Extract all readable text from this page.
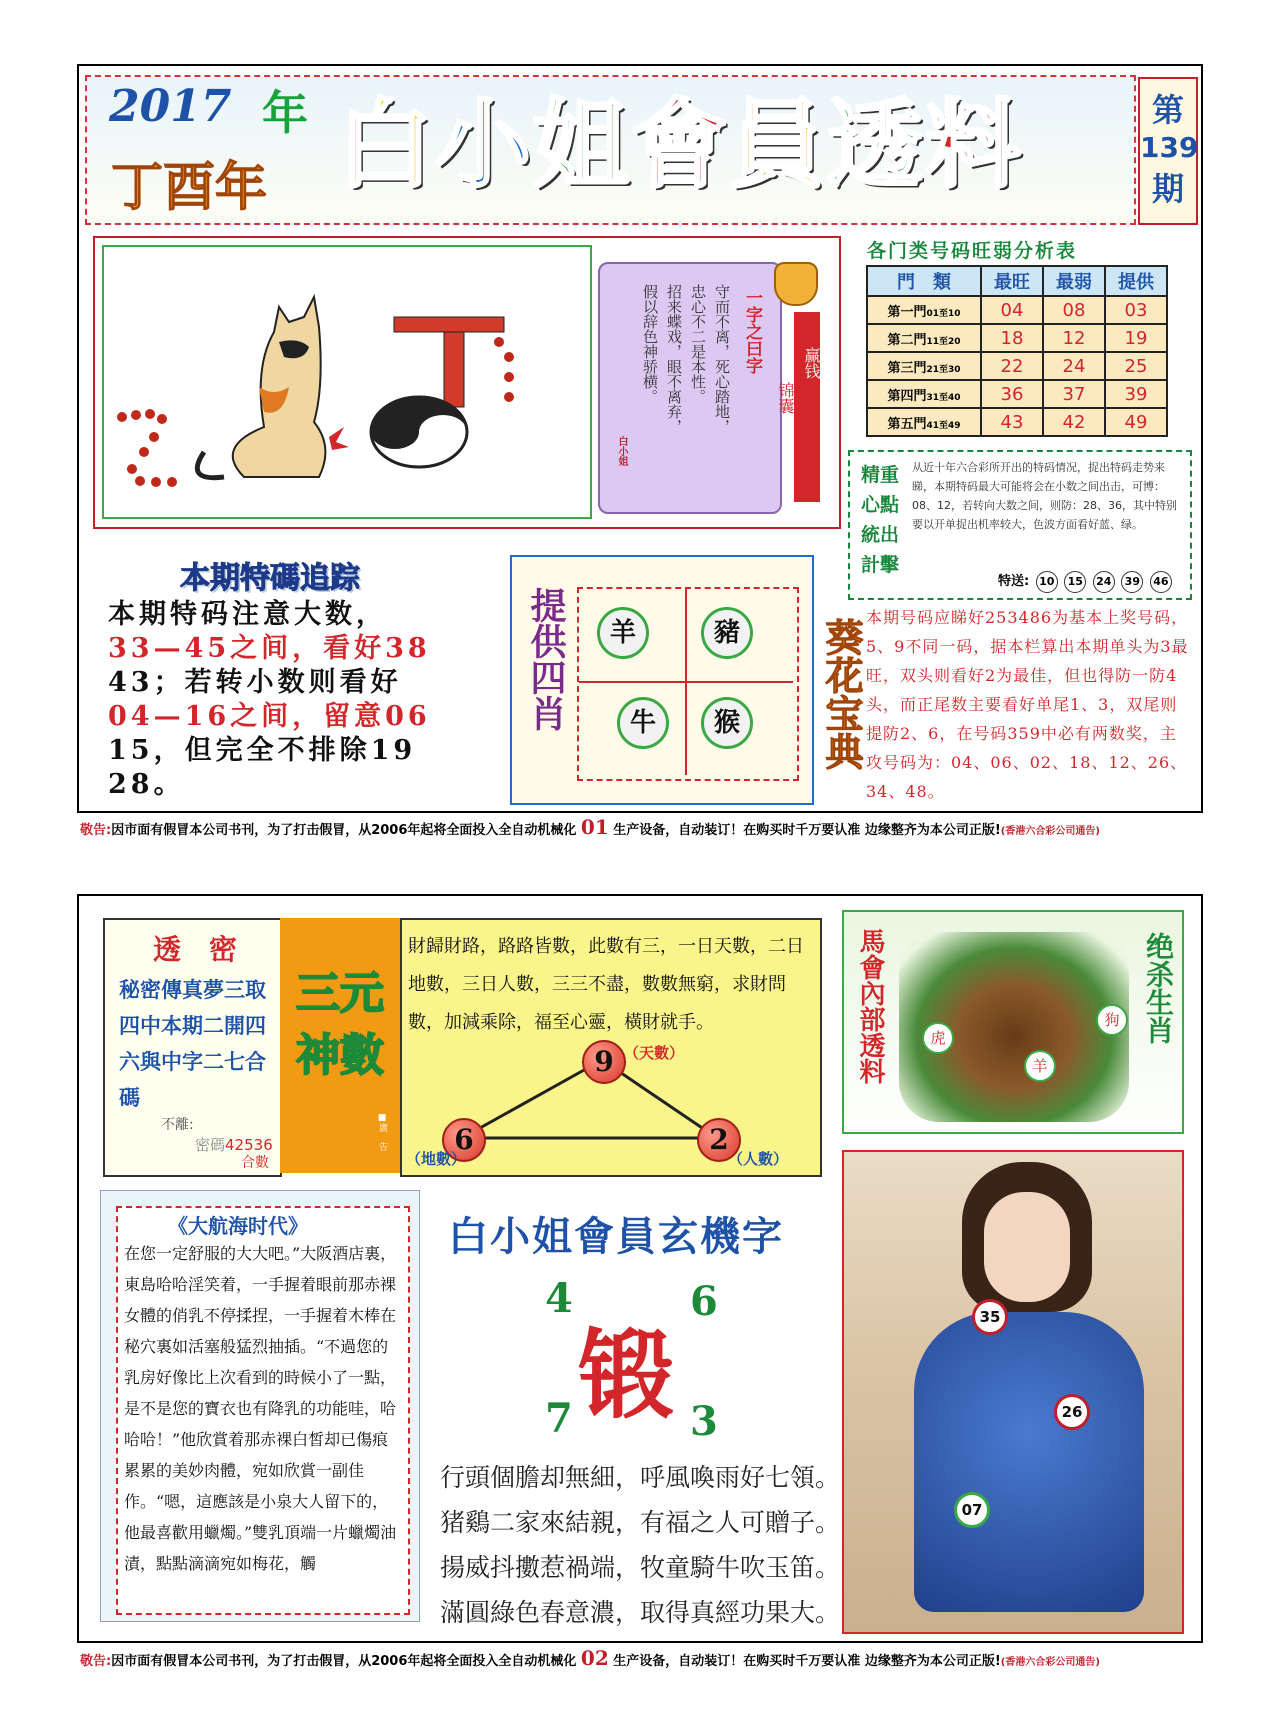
2017 年
丁酉年 白 小 姐 會 員 透 料	第
139
期
一字之曰字
守而不离，死心踏地，
忠心不二是本性。
招来蝶戏，眼不离弃，
假以辞色神骄横。
白小姐
赢钱
锦囊
各门类号码旺弱分析表
門　類	最旺	最弱	提供
第一門01至10	04	08	03
第二門11至20	18	12	19
第三門21至30	22	24	25
第四門31至40	36	37	39
第五門41至49	43	42	49
精重
心點
統出
計擊
从近十年六合彩所开出的特码情况，捉出特码走势来睇，本期特码最大可能将会在小数之间出击，可博：08、12，若转向大数之间，则防：28、36，其中特别要以开单捉出机率较大，色波方面看好蓝、绿。
特送: 10 15 24 39 46
本期特碼追踪
本期特码注意大数，
33—45之间，看好38
43；若转小数则看好
04—16之间，留意06
15，但完全不排除19
28。
提供四肖	羊	豬
牛	猴	葵花宝典
本期号码应睇好253486为基本上奖号码，5、9不同一码，据本栏算出本期单头为3最旺，双头则看好2为最佳，但也得防一防4头，而正尾数主要看好单尾1、3，双尾则提防2、6，在号码359中必有两数奖，主攻号码为：04、06、02、18、12、26、34、48。
敬告:因市面有假冒本公司书刊，为了打击假冒，从2006年起将全面投入全自动机械化 01 生产设备，自动装订！在购买时千万要认准 边缘整齐为本公司正版!(香港六合彩公司通告)
透　密
秘密傳真夢三取四中本期二開四六與中字二七合碼
不離:
密碼42536
合數
三元神數
■廣 告
財歸財路，路路皆數，此數有三，一日天數，二日地數，三日人數，三三不盡，數數無窮，求財問數，加減乘除，福至心靈，橫財就手。
9 （天數）
6
（地數）
2
（人數）
馬會內部透料	虎
狗
羊
绝杀生肖
《大航海时代》
在您一定舒服的大大吧。”大阪酒店裏，東島哈哈淫笑着，一手握着眼前那赤裸女體的俏乳不停揉捏，一手握着木棒在秘穴裏如活塞般猛烈抽插。“不過您的乳房好像比上次看到的時候小了一點，是不是您的寶衣也有降乳的功能哇，哈哈哈！”他欣賞着那赤裸白皙却已傷痕累累的美妙肉體，宛如欣賞一副佳作。“嗯，這應該是小泉大人留下的，他最喜歡用蠟燭。”雙乳頂端一片蠟燭油漬，點點滴滴宛如梅花，觸
白小姐會員玄機字
4	6
锻
7	3
行頭個膽却無細，呼風喚雨好七領。
猪鷄二家來結親，有福之人可贈子。
揚威抖擻惹禍端，牧童騎牛吹玉笛。
滿圓綠色春意濃，取得真經功果大。
35
26
07
敬告:因市面有假冒本公司书刊，为了打击假冒，从2006年起将全面投入全自动机械化 02 生产设备，自动装订！在购买时千万要认准 边缘整齐为本公司正版!(香港六合彩公司通告)
